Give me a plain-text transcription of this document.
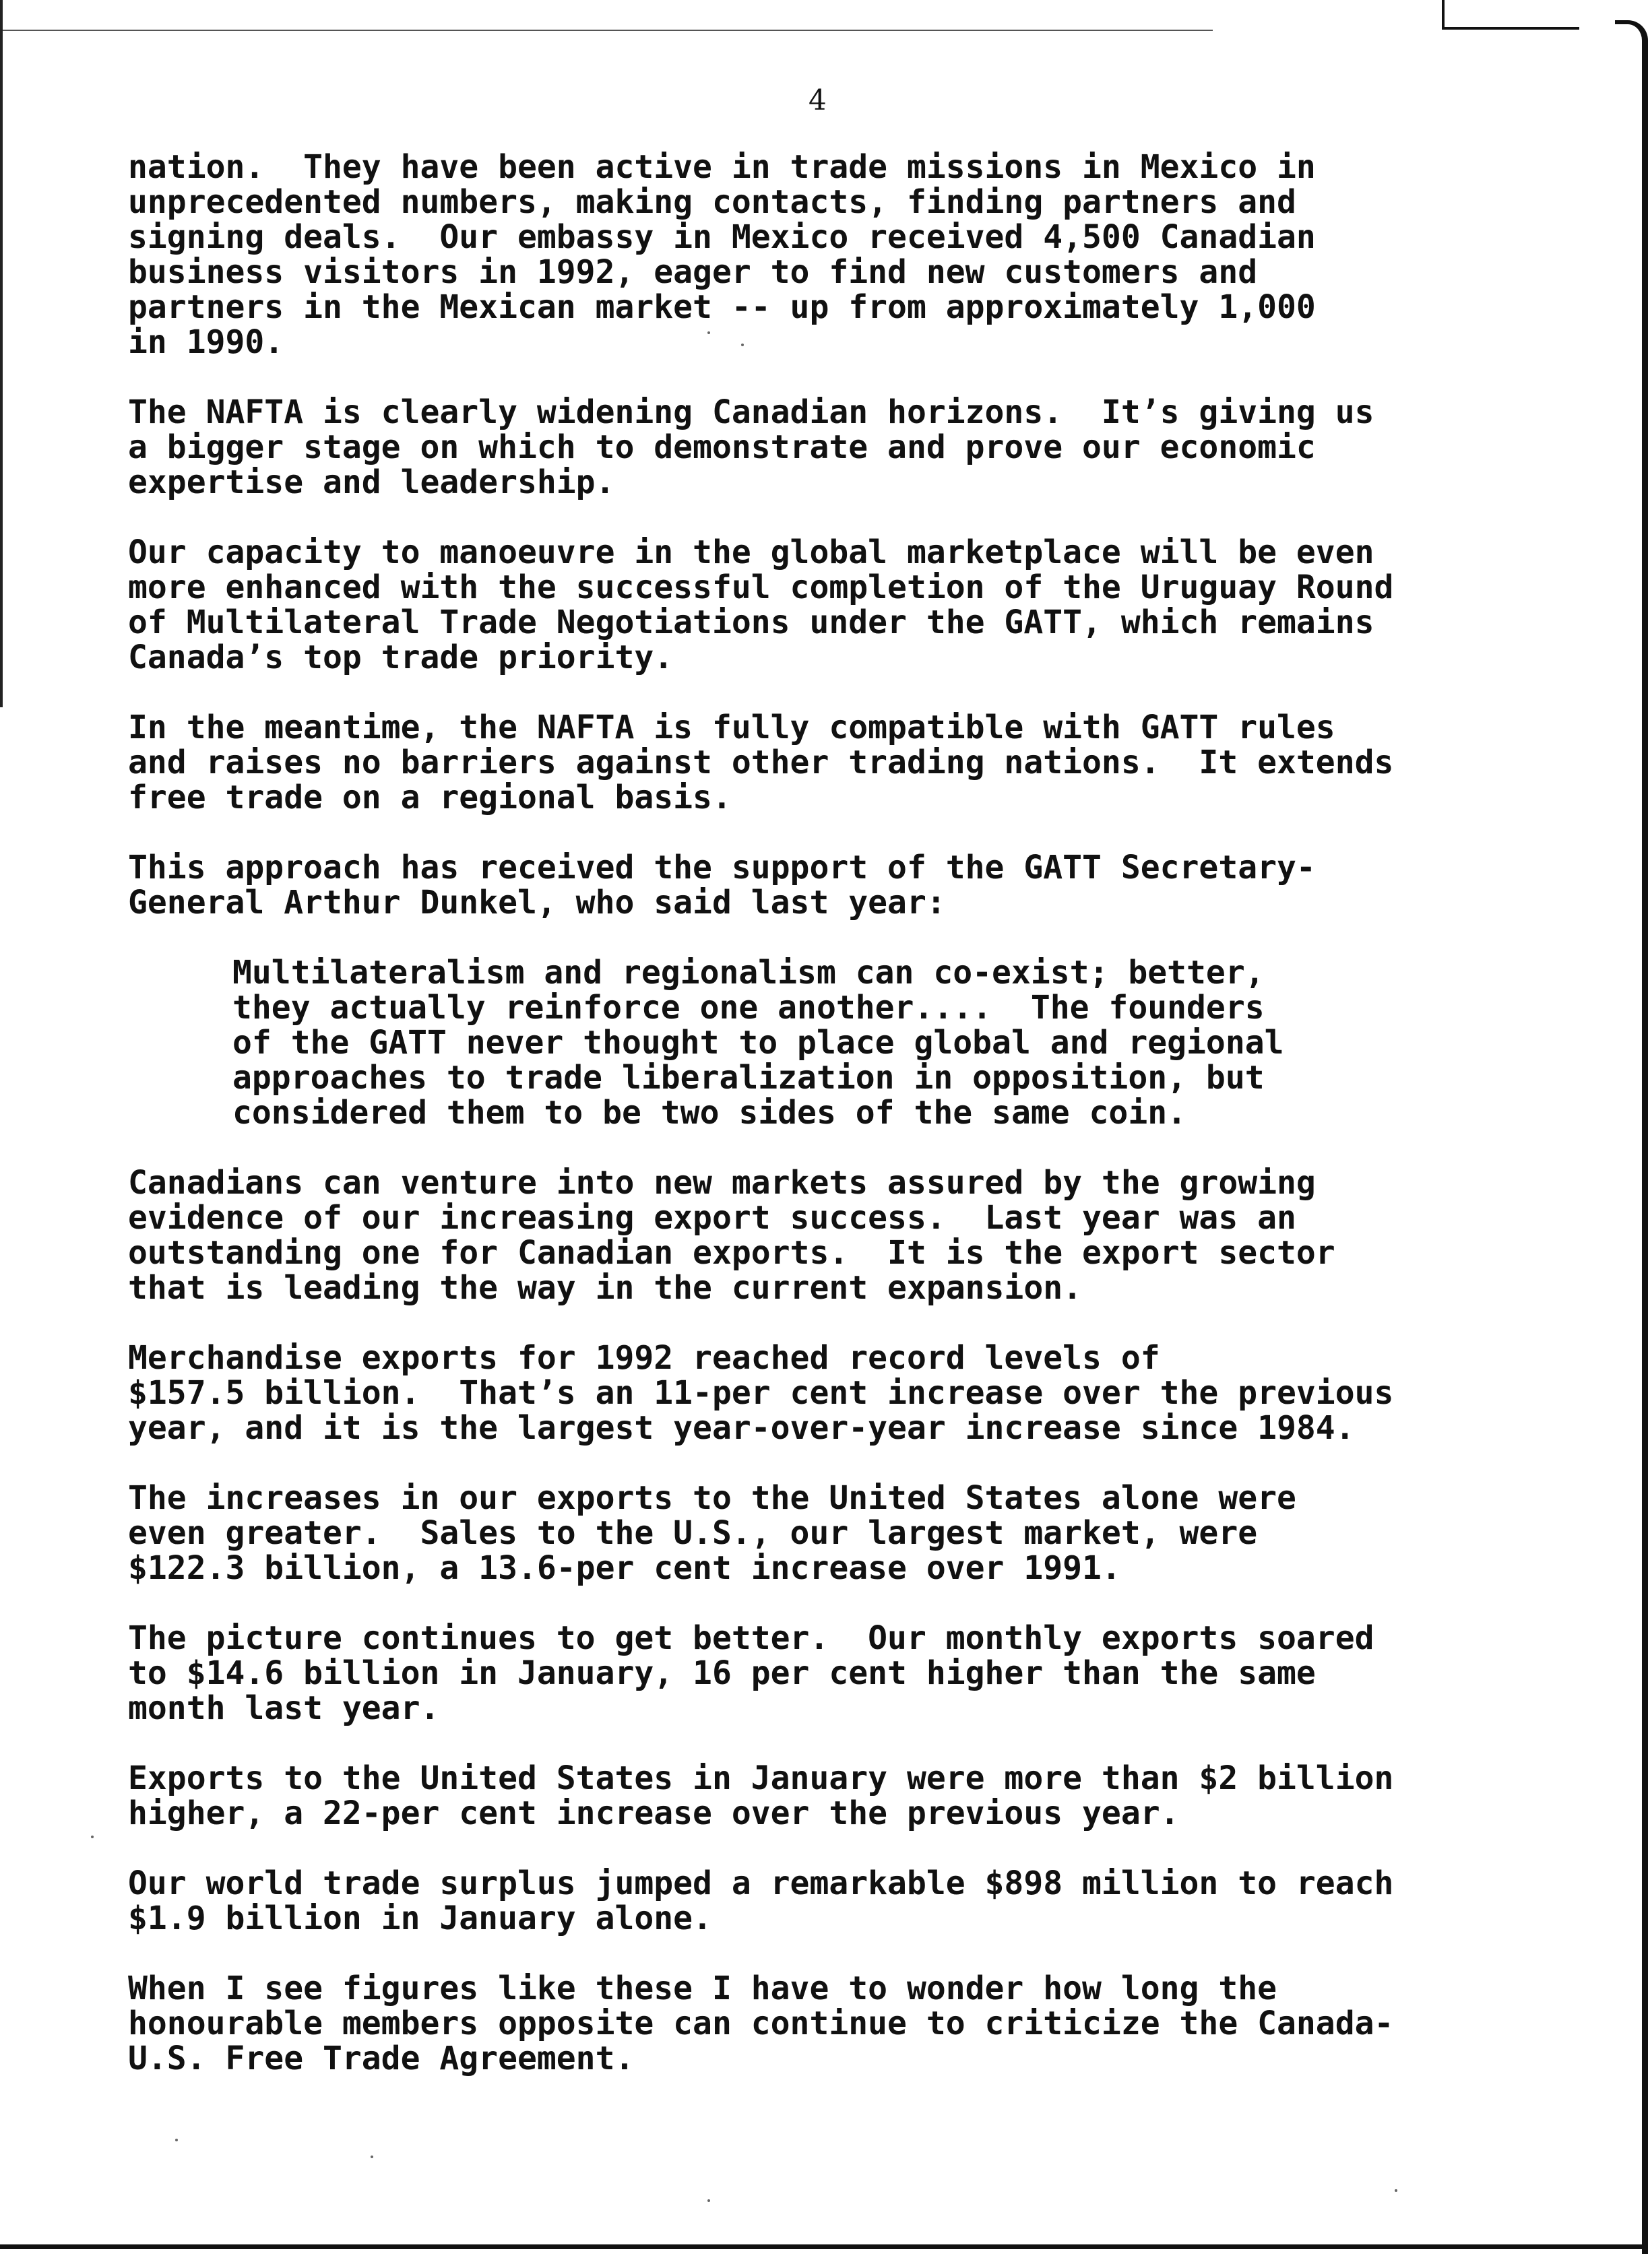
4
nation.  They have been active in trade missions in Mexico in
unprecedented numbers, making contacts, finding partners and
signing deals.  Our embassy in Mexico received 4,500 Canadian
business visitors in 1992, eager to find new customers and
partners in the Mexican market -- up from approximately 1,000
in 1990.
The NAFTA is clearly widening Canadian horizons.  It’s giving us
a bigger stage on which to demonstrate and prove our economic
expertise and leadership.
Our capacity to manoeuvre in the global marketplace will be even
more enhanced with the successful completion of the Uruguay Round
of Multilateral Trade Negotiations under the GATT, which remains
Canada’s top trade priority.
In the meantime, the NAFTA is fully compatible with GATT rules
and raises no barriers against other trading nations.  It extends
free trade on a regional basis.
This approach has received the support of the GATT Secretary-
General Arthur Dunkel, who said last year:
Multilateralism and regionalism can co-exist; better,
they actually reinforce one another....  The founders
of the GATT never thought to place global and regional
approaches to trade liberalization in opposition, but
considered them to be two sides of the same coin.
Canadians can venture into new markets assured by the growing
evidence of our increasing export success.  Last year was an
outstanding one for Canadian exports.  It is the export sector
that is leading the way in the current expansion.
Merchandise exports for 1992 reached record levels of
$157.5 billion.  That’s an 11-per cent increase over the previous
year, and it is the largest year-over-year increase since 1984.
The increases in our exports to the United States alone were
even greater.  Sales to the U.S., our largest market, were
$122.3 billion, a 13.6-per cent increase over 1991.
The picture continues to get better.  Our monthly exports soared
to $14.6 billion in January, 16 per cent higher than the same
month last year.
Exports to the United States in January were more than $2 billion
higher, a 22-per cent increase over the previous year.
Our world trade surplus jumped a remarkable $898 million to reach
$1.9 billion in January alone.
When I see figures like these I have to wonder how long the
honourable members opposite can continue to criticize the Canada-
U.S. Free Trade Agreement.
